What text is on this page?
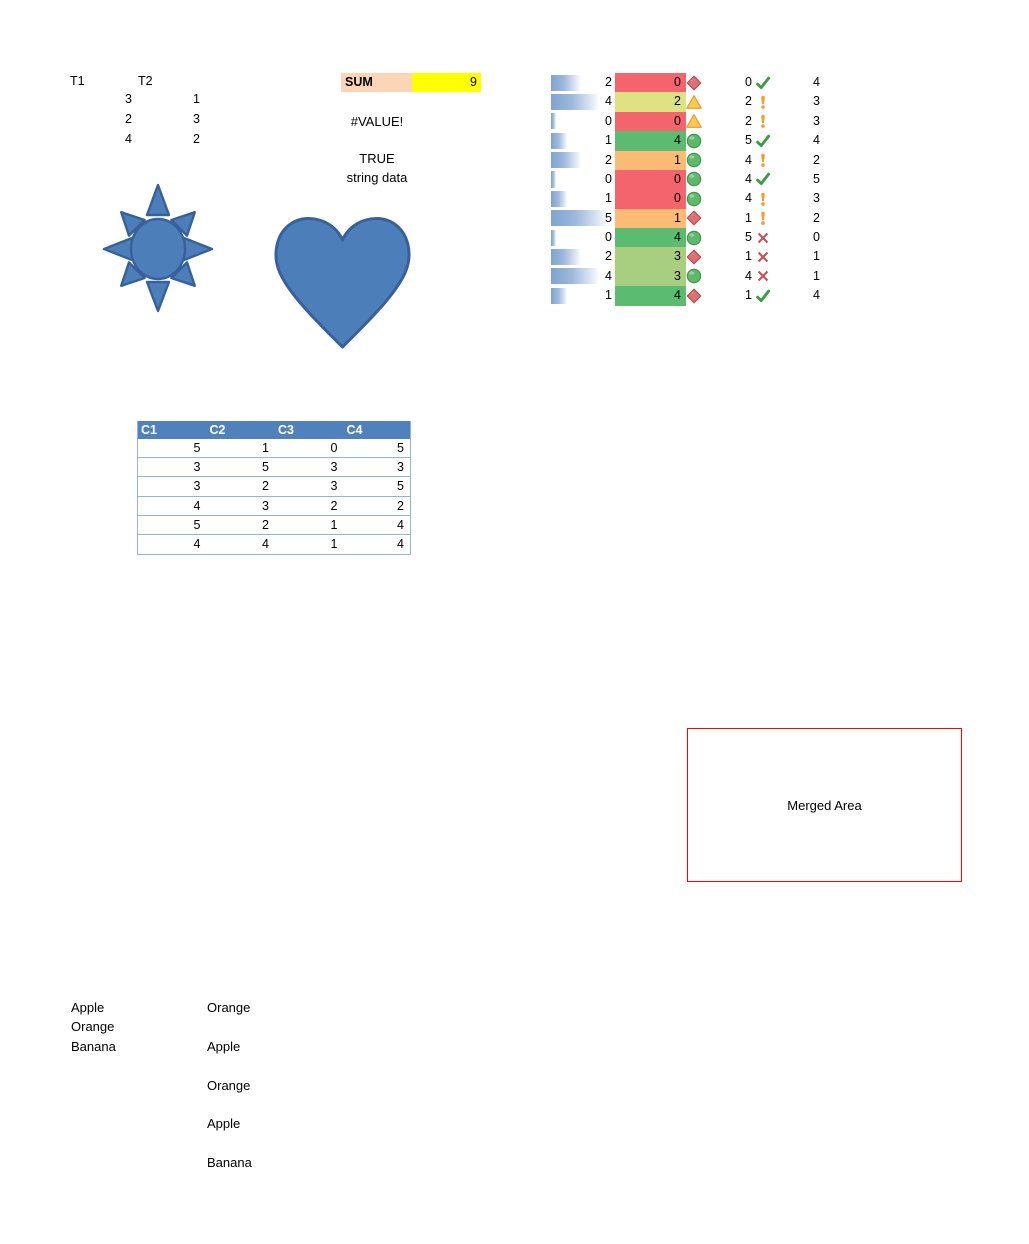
T1	T2
3	1
2	3
4	2
SUM	9
#VALUE!
TRUE
string data
2	0	0	4
4	2	2	3
0	0	2	3
1	4	5	4
2	1	4	2
0	0	4	5
1	0	4	3
5	1	1	2
0	4	5	0
2	3	1	1
4	3	4	1
1	4	1	4
C1	C2	C3	C4
5	1	0	5
3	5	3	3
3	2	3	5
4	3	2	2
5	2	1	4
4	4	1	4
Merged Area
Apple
Orange
Banana
Orange
Apple
Orange
Apple
Banana
